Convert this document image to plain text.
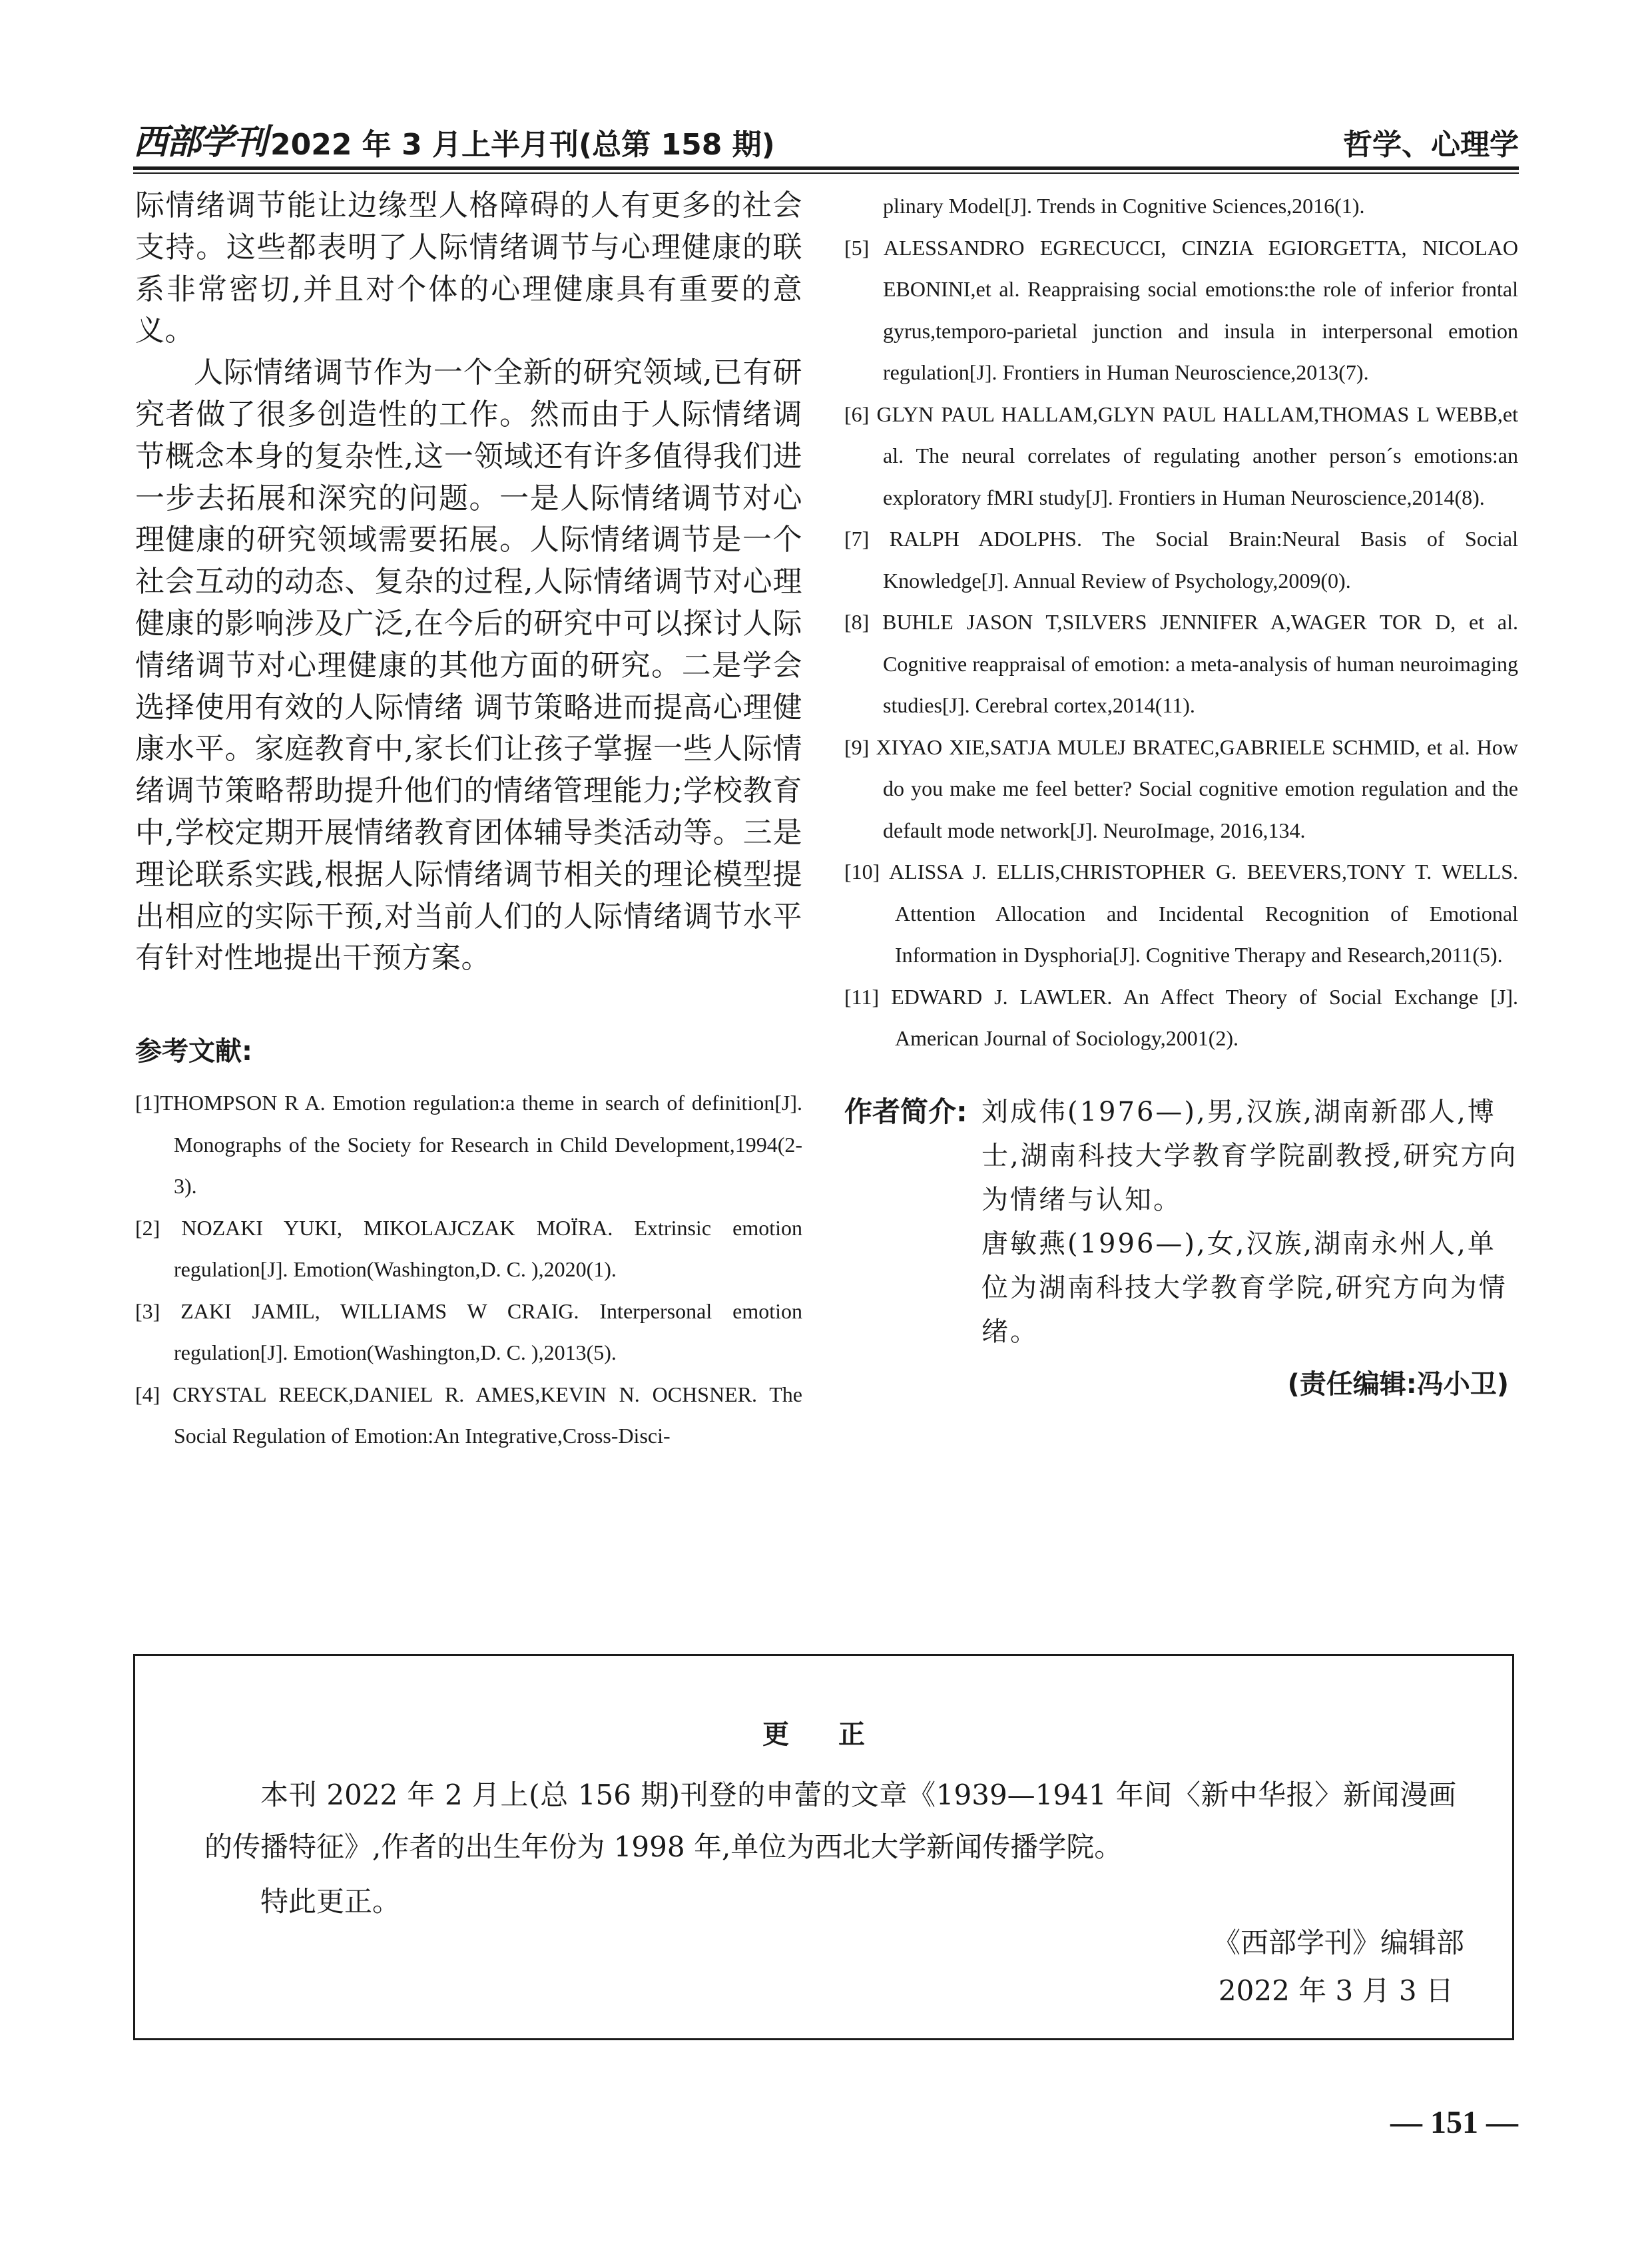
西部学刊 2022 年 3 月上半月刊(总第 158 期)	哲学、心理学

际情绪调节能让边缘型人格障碍的人有更多的社会支持。这些都表明了人际情绪调节与心理健康的联系非常密切,并且对个体的心理健康具有重要的意义。

人际情绪调节作为一个全新的研究领域,已有研究者做了很多创造性的工作。然而由于人际情绪调节概念本身的复杂性,这一领域还有许多值得我们进一步去拓展和深究的问题。一是人际情绪调节对心理健康的研究领域需要拓展。人际情绪调节是一个社会互动的动态、复杂的过程,人际情绪调节对心理健康的影响涉及广泛,在今后的研究中可以探讨人际情绪调节对心理健康的其他方面的研究。二是学会选择使用有效的人际情绪 调节策略进而提高心理健康水平。家庭教育中,家长们让孩子掌握一些人际情绪调节策略帮助提升他们的情绪管理能力;学校教育中,学校定期开展情绪教育团体辅导类活动等。三是理论联系实践,根据人际情绪调节相关的理论模型提出相应的实际干预,对当前人们的人际情绪调节水平有针对性地提出干预方案。

参考文献:

[1]THOMPSON R A. Emotion regulation:a theme in search of definition[J]. Monographs of the Society for Research in Child Development,1994(2-3).

[2] NOZAKI YUKI, MIKOLAJCZAK MOÏRA. Extrinsic emotion regulation[J]. Emotion(Washington,D. C. ),2020(1).

[3] ZAKI JAMIL, WILLIAMS W CRAIG. Interpersonal emotion regulation[J]. Emotion(Washington,D. C. ),2013(5).

[4] CRYSTAL REECK,DANIEL R. AMES,KEVIN N. OCHSNER. The Social Regulation of Emotion:An Integrative,Cross-Disci-

plinary Model[J]. Trends in Cognitive Sciences,2016(1).

[5] ALESSANDRO EGRECUCCI, CINZIA EGIORGETTA, NICOLAO EBONINI,et al. Reappraising social emotions:the role of inferior frontal gyrus,temporo-parietal junction and insula in interpersonal emotion regulation[J]. Frontiers in Human Neuroscience,2013(7).

[6] GLYN PAUL HALLAM,GLYN PAUL HALLAM,THOMAS L WEBB,et al. The neural correlates of regulating another person´s emotions:an exploratory fMRI study[J]. Frontiers in Human Neuroscience,2014(8).

[7] RALPH ADOLPHS. The Social Brain:Neural Basis of Social Knowledge[J]. Annual Review of Psychology,2009(0).

[8] BUHLE JASON T,SILVERS JENNIFER A,WAGER TOR D, et al. Cognitive reappraisal of emotion: a meta-analysis of human neuroimaging studies[J]. Cerebral cortex,2014(11).

[9] XIYAO XIE,SATJA MULEJ BRATEC,GABRIELE SCHMID, et al. How do you make me feel better? Social cognitive emotion regulation and the default mode network[J]. NeuroImage, 2016,134.

[10] ALISSA J. ELLIS,CHRISTOPHER G. BEEVERS,TONY T. WELLS. Attention Allocation and Incidental Recognition of Emotional Information in Dysphoria[J]. Cognitive Therapy and Research,2011(5).

[11] EDWARD J. LAWLER. An Affect Theory of Social Exchange [J]. American Journal of Sociology,2001(2).

作者简介: 刘成伟(1976—),男,汉族,湖南新邵人,博士,湖南科技大学教育学院副教授,研究方向为情绪与认知。

唐敏燕(1996—),女,汉族,湖南永州人,单位为湖南科技大学教育学院,研究方向为情绪。

(责任编辑:冯小卫)
更 正

本刊 2022 年 2 月上(总 156 期)刊登的申蕾的文章《1939—1941 年间〈新中华报〉新闻漫画的传播特征》,作者的出生年份为 1998 年,单位为西北大学新闻传播学院。

特此更正。

《西部学刊》编辑部

2022 年 3 月 3 日

— 151 —
